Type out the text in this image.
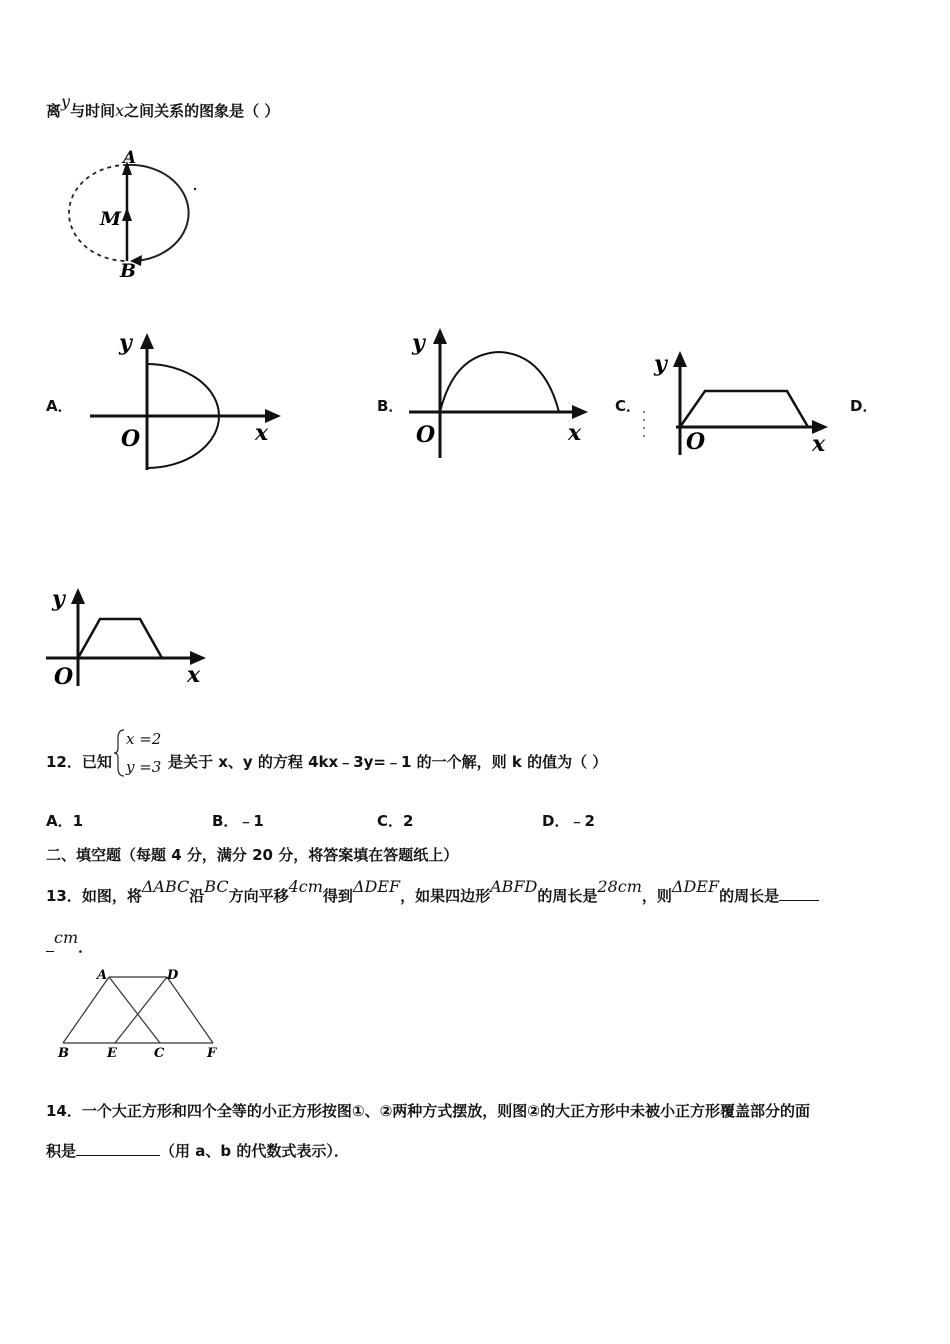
离y与时间x之间关系的图象是（ ）
A
M
B
A．
y
O	x
B．
y
O	x
C．
y
O	x
D．
y
O	x
12．已知
x =2
y =3 是关于 x、y 的方程 4kx﹣3y=﹣1 的一个解，则 k 的值为（ ）
A．1	B．﹣1	C．2	D．﹣2
二、填空题（每题 4 分，满分 20 分，将答案填在答题纸上）
13．如图，将ΔABC沿BC方向平移4cm得到ΔDEF，如果四边形ABFD的周长是28cm，则ΔDEF的周长是
cm．
A	D
B	E	C	F
14．一个大正方形和四个全等的小正方形按图①、②两种方式摆放，则图②的大正方形中未被小正方形覆盖部分的面
积是	（用 a、b 的代数式表示）．
